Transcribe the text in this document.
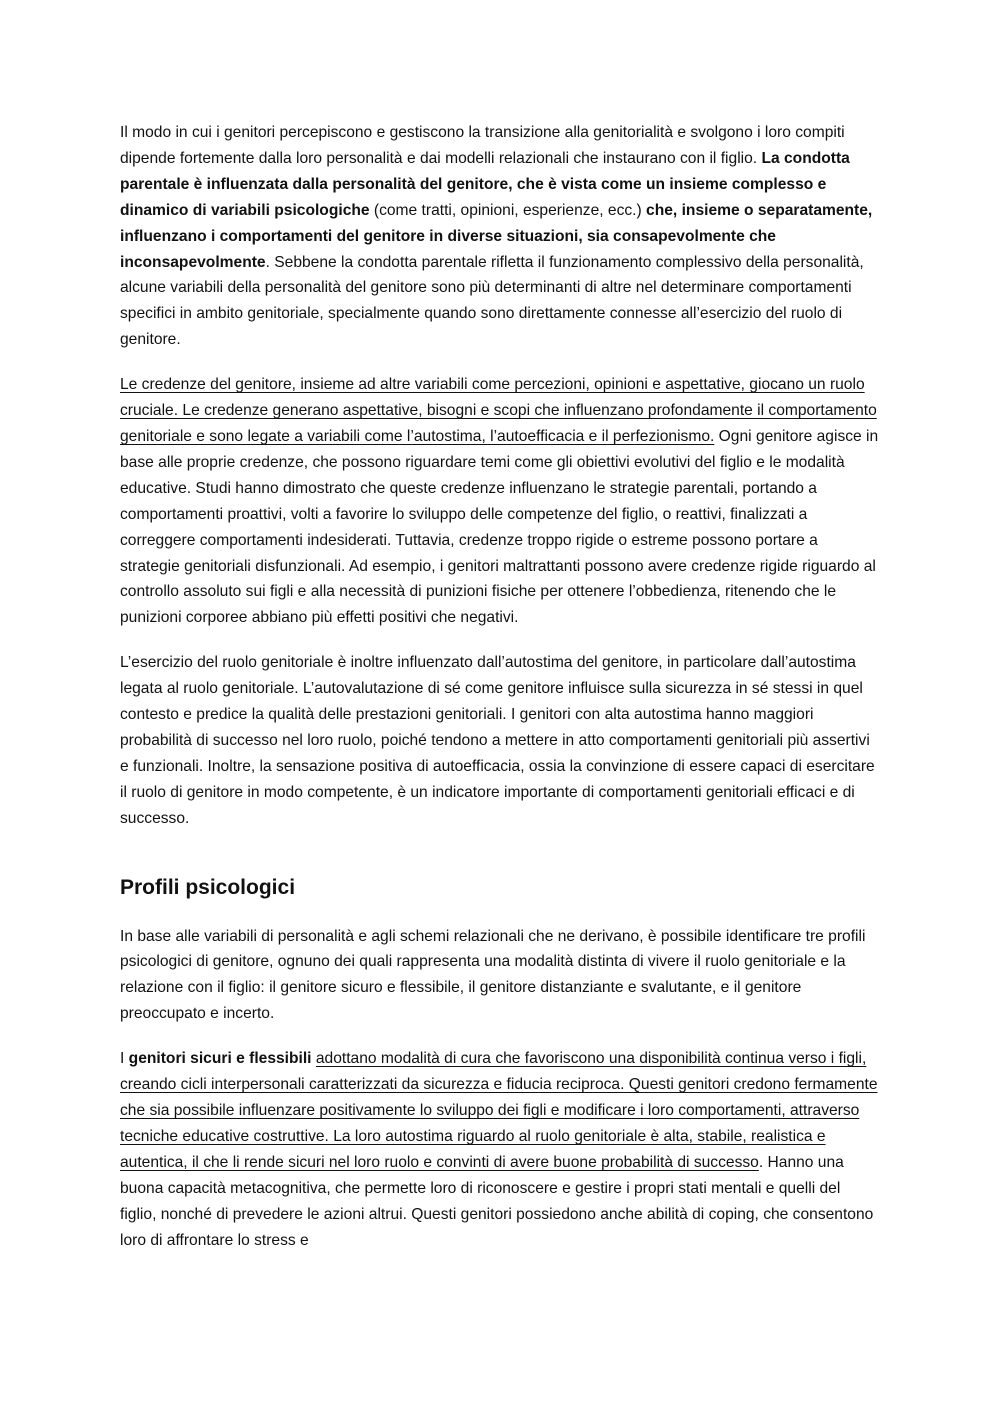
Il modo in cui i genitori percepiscono e gestiscono la transizione alla genitorialità e svolgono i loro compiti dipende fortemente dalla loro personalità e dai modelli relazionali che instaurano con il figlio. La condotta parentale è influenzata dalla personalità del genitore, che è vista come un insieme complesso e dinamico di variabili psicologiche (come tratti, opinioni, esperienze, ecc.) che, insieme o separatamente, influenzano i comportamenti del genitore in diverse situazioni, sia consapevolmente che inconsapevolmente. Sebbene la condotta parentale rifletta il funzionamento complessivo della personalità, alcune variabili della personalità del genitore sono più determinanti di altre nel determinare comportamenti specifici in ambito genitoriale, specialmente quando sono direttamente connesse all’esercizio del ruolo di genitore.

Le credenze del genitore, insieme ad altre variabili come percezioni, opinioni e aspettative, giocano un ruolo cruciale. Le credenze generano aspettative, bisogni e scopi che influenzano profondamente il comportamento genitoriale e sono legate a variabili come l’autostima, l’autoefficacia e il perfezionismo. Ogni genitore agisce in base alle proprie credenze, che possono riguardare temi come gli obiettivi evolutivi del figlio e le modalità educative. Studi hanno dimostrato che queste credenze influenzano le strategie parentali, portando a comportamenti proattivi, volti a favorire lo sviluppo delle competenze del figlio, o reattivi, finalizzati a correggere comportamenti indesiderati. Tuttavia, credenze troppo rigide o estreme possono portare a strategie genitoriali disfunzionali. Ad esempio, i genitori maltrattanti possono avere credenze rigide riguardo al controllo assoluto sui figli e alla necessità di punizioni fisiche per ottenere l’obbedienza, ritenendo che le punizioni corporee abbiano più effetti positivi che negativi.

L’esercizio del ruolo genitoriale è inoltre influenzato dall’autostima del genitore, in particolare dall’autostima legata al ruolo genitoriale. L’autovalutazione di sé come genitore influisce sulla sicurezza in sé stessi in quel contesto e predice la qualità delle prestazioni genitoriali. I genitori con alta autostima hanno maggiori probabilità di successo nel loro ruolo, poiché tendono a mettere in atto comportamenti genitoriali più assertivi e funzionali. Inoltre, la sensazione positiva di autoefficacia, ossia la convinzione di essere capaci di esercitare il ruolo di genitore in modo competente, è un indicatore importante di comportamenti genitoriali efficaci e di successo.

Profili psicologici

In base alle variabili di personalità e agli schemi relazionali che ne derivano, è possibile identificare tre profili psicologici di genitore, ognuno dei quali rappresenta una modalità distinta di vivere il ruolo genitoriale e la relazione con il figlio: il genitore sicuro e flessibile, il genitore distanziante e svalutante, e il genitore preoccupato e incerto.

I genitori sicuri e flessibili adottano modalità di cura che favoriscono una disponibilità continua verso i figli, creando cicli interpersonali caratterizzati da sicurezza e fiducia reciproca. Questi genitori credono fermamente che sia possibile influenzare positivamente lo sviluppo dei figli e modificare i loro comportamenti, attraverso tecniche educative costruttive. La loro autostima riguardo al ruolo genitoriale è alta, stabile, realistica e autentica, il che li rende sicuri nel loro ruolo e convinti di avere buone probabilità di successo. Hanno una buona capacità metacognitiva, che permette loro di riconoscere e gestire i propri stati mentali e quelli del figlio, nonché di prevedere le azioni altrui. Questi genitori possiedono anche abilità di coping, che consentono loro di affrontare lo stress e
